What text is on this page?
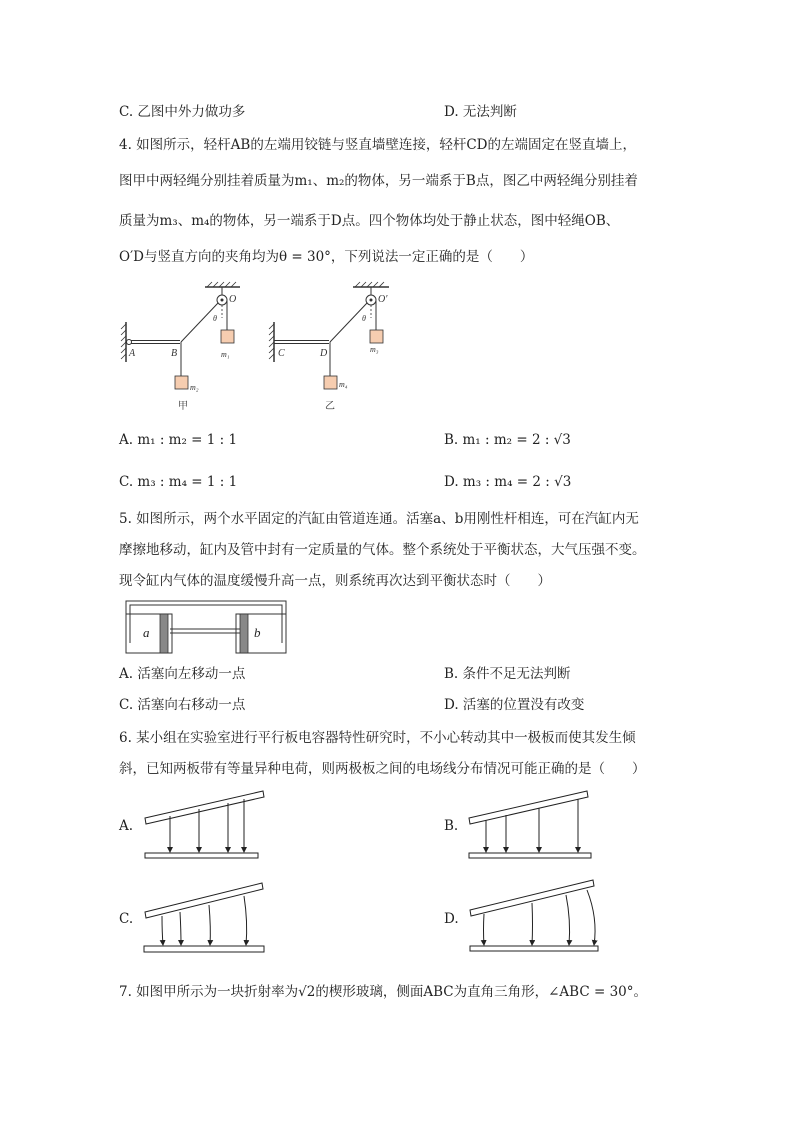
C. 乙图中外力做功多	D. 无法判断
4. 如图所示，轻杆AB的左端用铰链与竖直墙壁连接，轻杆CD的左端固定在竖直墙上，
图甲中两轻绳分别挂着质量为m₁、m₂的物体，另一端系于B点，图乙中两轻绳分别挂着
质量为m₃、m₄的物体，另一端系于D点。四个物体均处于静止状态，图中轻绳OB、
O′D与竖直方向的夹角均为θ = 30°，下列说法一定正确的是（　　）
A	B
O
θ
m₁
m₂
C	D
O′
θ
m₃
m₄
甲	乙
a	b
A. m₁ : m₂ = 1 : 1	B. m₁ : m₂ = 2 : √3
C. m₃ : m₄ = 1 : 1	D. m₃ : m₄ = 2 : √3
5. 如图所示，两个水平固定的汽缸由管道连通。活塞a、b用刚性杆相连，可在汽缸内无
摩擦地移动，缸内及管中封有一定质量的气体。整个系统处于平衡状态，大气压强不变。
现令缸内气体的温度缓慢升高一点，则系统再次达到平衡状态时（　　）
A. 活塞向左移动一点	B. 条件不足无法判断
C. 活塞向右移动一点	D. 活塞的位置没有改变
6. 某小组在实验室进行平行板电容器特性研究时，不小心转动其中一极板而使其发生倾
斜，已知两板带有等量异种电荷，则两极板之间的电场线分布情况可能正确的是（　　）
A.	B.
C.	D.
7. 如图甲所示为一块折射率为√2的楔形玻璃，侧面ABC为直角三角形，∠ABC = 30°。
